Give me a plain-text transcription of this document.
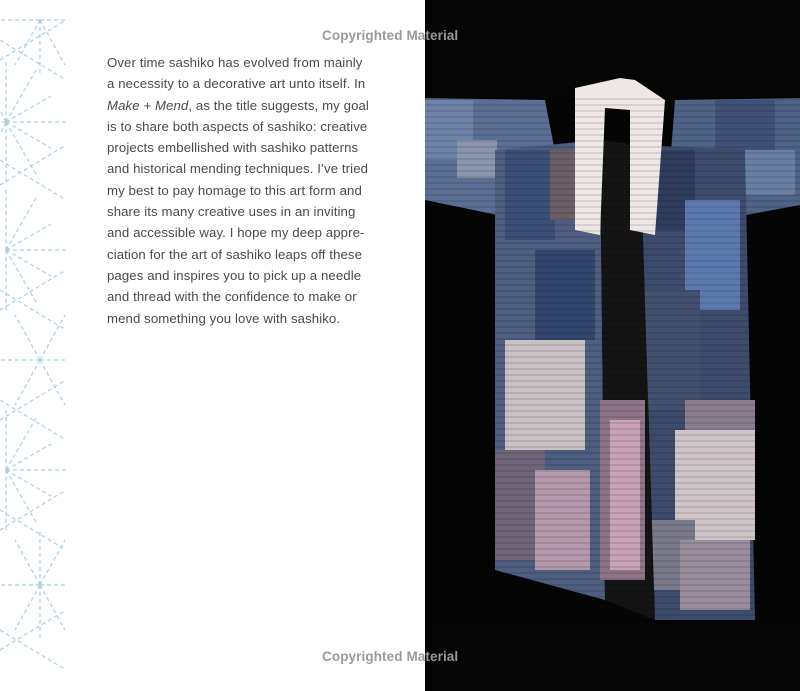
Over time sashiko has evolved from mainly
a necessity to a decorative art unto itself. In
Make + Mend, as the title suggests, my goal
is to share both aspects of sashiko: creative
projects embellished with sashiko patterns
and historical mending techniques. I’ve tried
my best to pay homage to this art form and
share its many creative uses in an inviting
and accessible way. I hope my deep appre-
ciation for the art of sashiko leaps off these
pages and inspires you to pick up a needle
and thread with the confidence to make or
mend something you love with sashiko.

Copyrighted Material
Copyrighted Material
